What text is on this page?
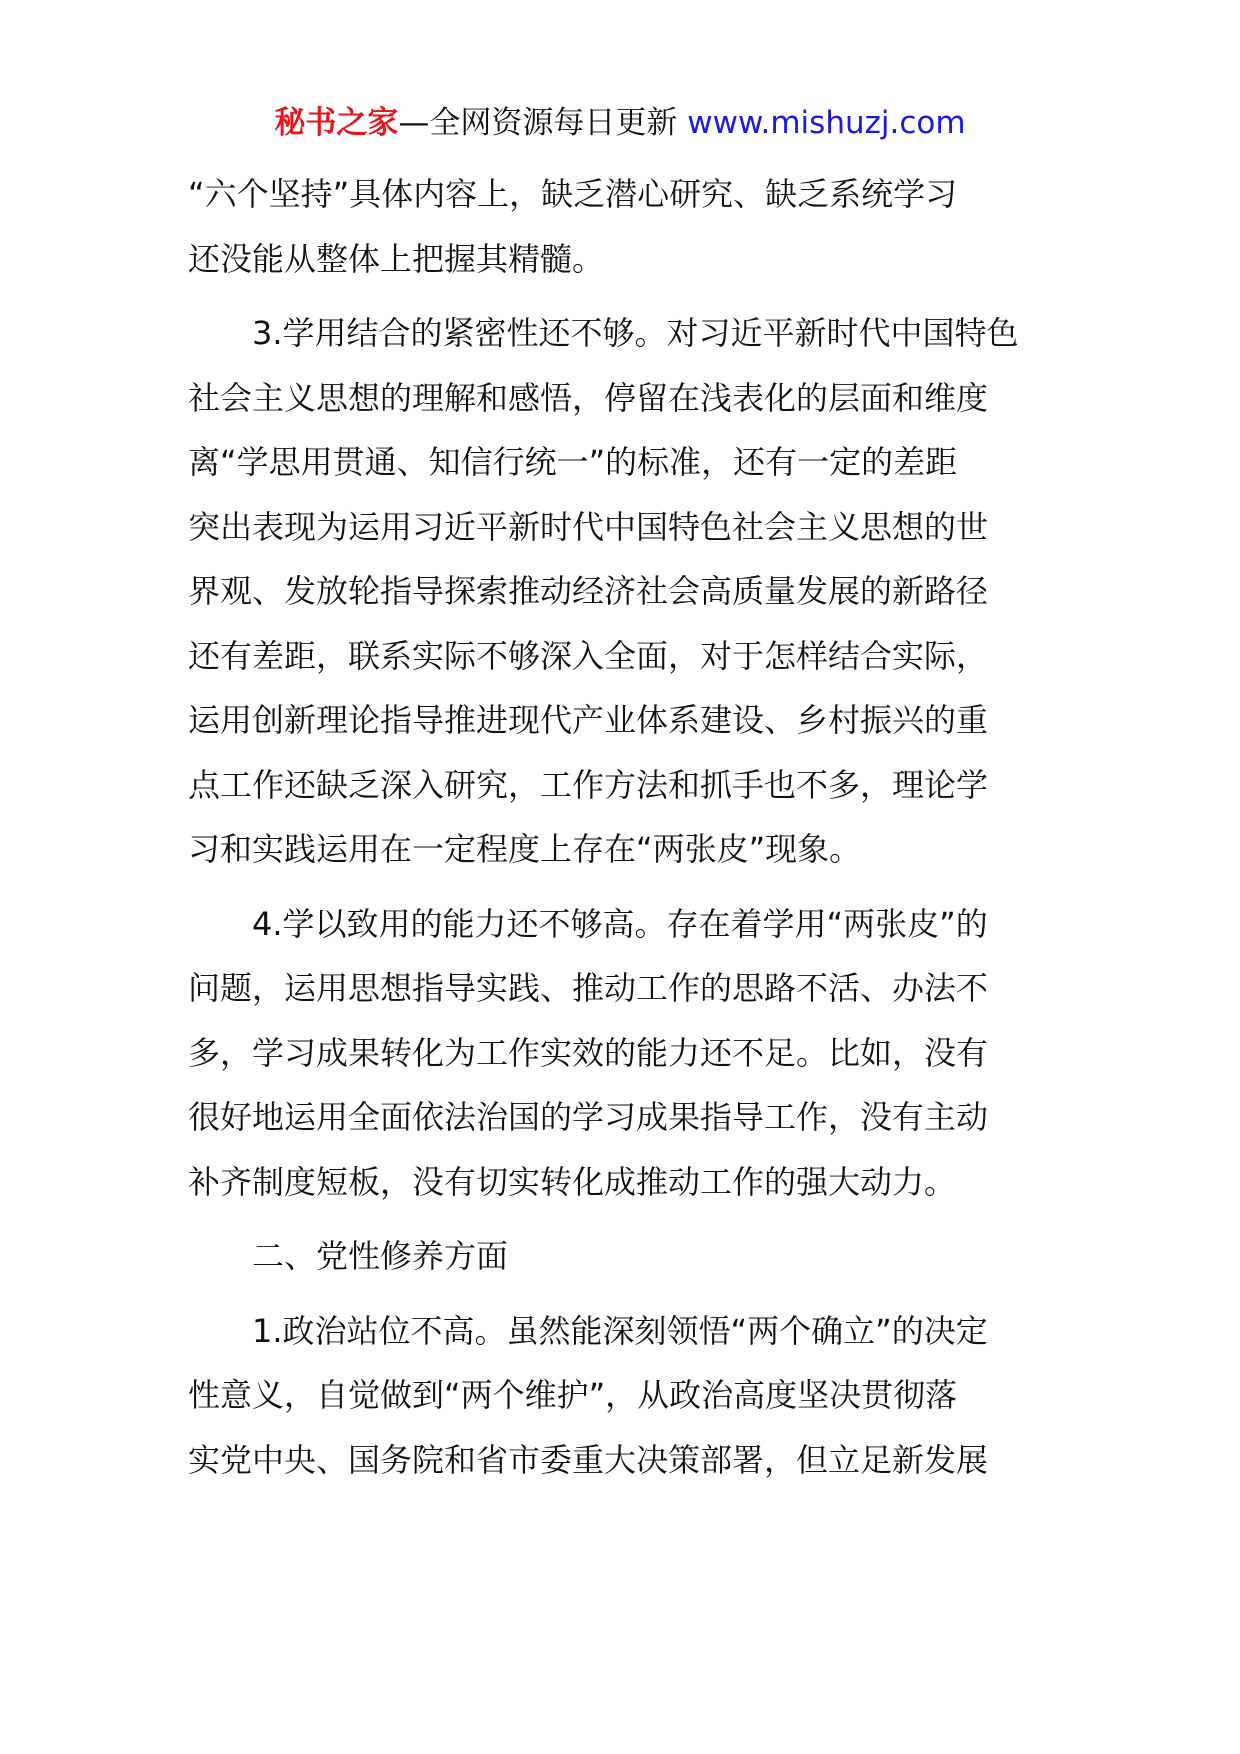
秘书之家—全网资源每日更新 www.mishuzj.com
“六个坚持”具体内容上，缺乏潜心研究、缺乏系统学习
还没能从整体上把握其精髓。
　　3.学用结合的紧密性还不够。对习近平新时代中国特色
社会主义思想的理解和感悟，停留在浅表化的层面和维度
离“学思用贯通、知信行统一”的标准，还有一定的差距
突出表现为运用习近平新时代中国特色社会主义思想的世
界观、发放轮指导探索推动经济社会高质量发展的新路径
还有差距，联系实际不够深入全面，对于怎样结合实际，
运用创新理论指导推进现代产业体系建设、乡村振兴的重
点工作还缺乏深入研究，工作方法和抓手也不多，理论学
习和实践运用在一定程度上存在“两张皮”现象。
　　4.学以致用的能力还不够高。存在着学用“两张皮”的
问题，运用思想指导实践、推动工作的思路不活、办法不
多，学习成果转化为工作实效的能力还不足。比如，没有
很好地运用全面依法治国的学习成果指导工作，没有主动
补齐制度短板，没有切实转化成推动工作的强大动力。
　　二、党性修养方面
　　1.政治站位不高。虽然能深刻领悟“两个确立”的决定
性意义，自觉做到“两个维护”，从政治高度坚决贯彻落
实党中央、国务院和省市委重大决策部署，但立足新发展
